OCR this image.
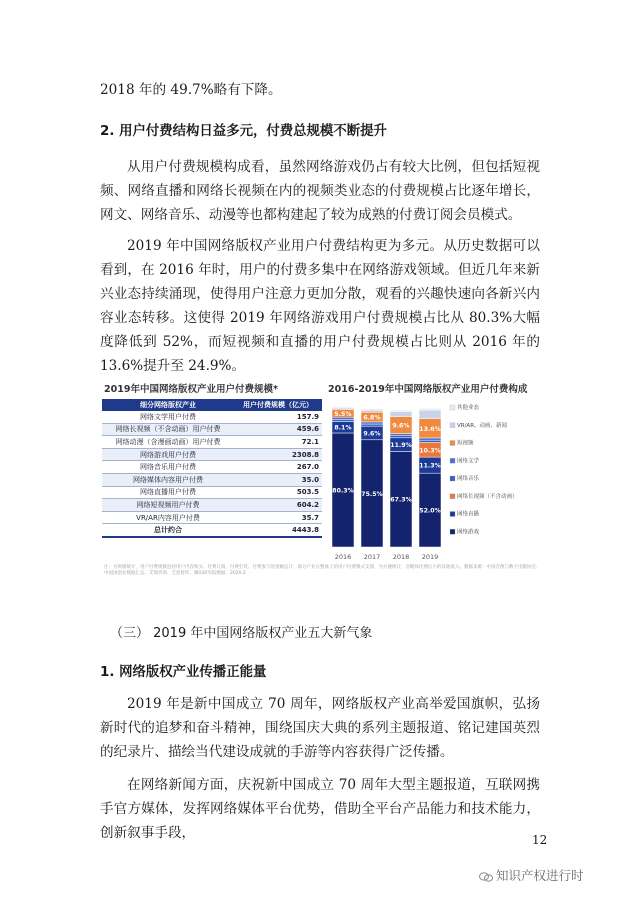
2018 年的 49.7%略有下降。

2. 用户付费结构日益多元，付费总规模不断提升

从用户付费规模构成看，虽然网络游戏仍占有较大比例，但包括短视频、网络直播和网络长视频在内的视频类业态的付费规模占比逐年增长，网文、网络音乐、动漫等也都构建起了较为成熟的付费订阅会员模式。

2019 年中国网络版权产业用户付费结构更为多元。从历史数据可以看到，在 2016 年时，用户的付费多集中在网络游戏领域。但近几年来新兴业态持续涌现，使得用户注意力更加分散，观看的兴趣快速向各新兴内容业态转移。这使得 2019 年网络游戏用户付费规模占比从 80.3%大幅度降低到 52%，而短视频和直播的用户付费规模占比则从 2016 年的 13.6%提升至 24.9%。

2019年中国网络版权产业用户付费规模*
细分网络版权产业	用户付费规模（亿元）
网络文学用户付费	157.9
网络长视频（不含动画）用户付费	459.6
网络动漫（含漫画动画）用户付费	72.1
网络游戏用户付费	2308.8
网络音乐用户付费	267.0
网络媒体内容用户付费	35.0
网络直播用户付费	503.5
网络短视频用户付费	604.2
VR/AR内容用户付费	35.7
总计约合	4443.8
2016-2019年中国网络版权产业用户付费构成
80.3%
8.1%
5.5%
2016
75.5%
9.6%
6.8%
2017
67.3%
11.9%
9.6%
2018
52.0%
11.3%
10.3%
13.6%
2019
其他业态
VR/AR、动画、新闻
短视频
网络文学
网络音乐
网络长视频（不含动画）
网络直播
网络游戏
注：为规模统计，用户付费规模包括用户内容购买、付费订阅、付费打赏、付费参与的金额总计，部分产业在整体上的用户付费模式支撑，为方便统计，忽略体比例后小的其他收入。数据来源：中国音像与数字出版协会、中国国创业数据汇总、艾瑞咨询、艺恩智库、腾讯研究院数据，2020.2

（三） 2019 年中国网络版权产业五大新气象

1. 网络版权产业传播正能量

2019 年是新中国成立 70 周年，网络版权产业高举爱国旗帜，弘扬新时代的追梦和奋斗精神，围绕国庆大典的系列主题报道、铭记建国英烈的纪录片、描绘当代建设成就的手游等内容获得广泛传播。

在网络新闻方面，庆祝新中国成立 70 周年大型主题报道，互联网携手官方媒体，发挥网络媒体平台优势，借助全平台产品能力和技术能力，创新叙事手段，	12
知识产权进行时
